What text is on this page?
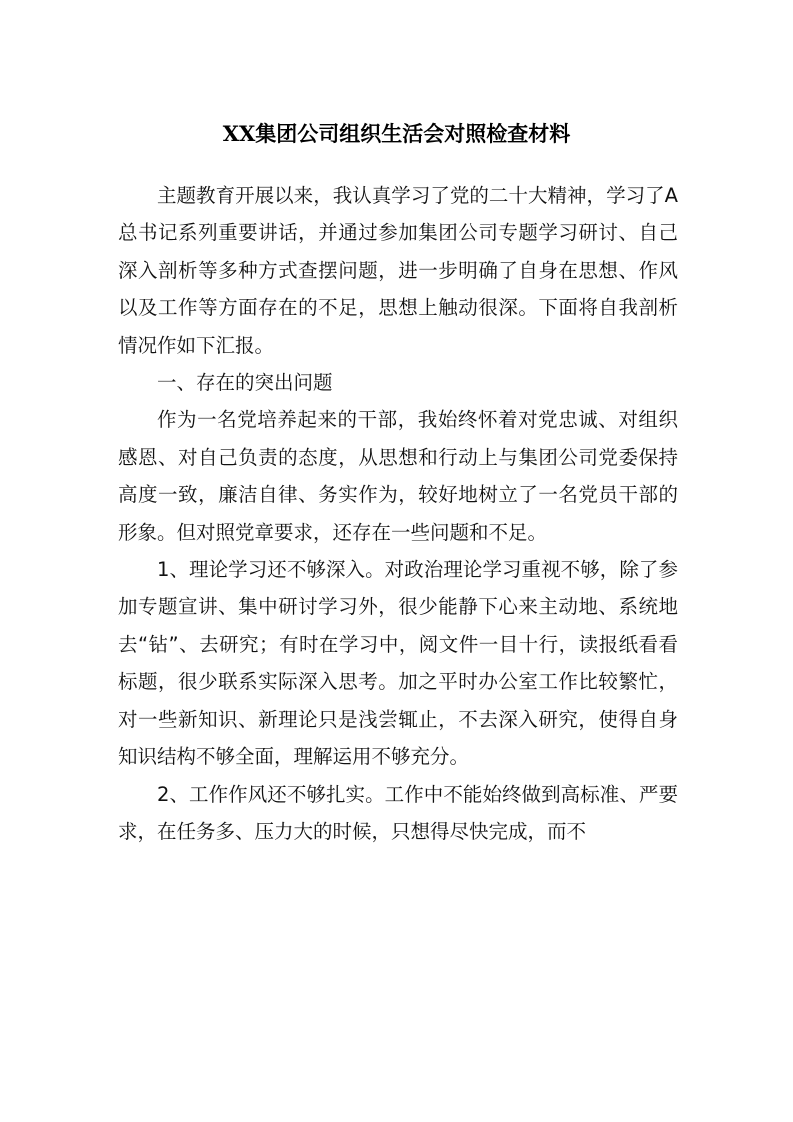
XX集团公司组织生活会对照检查材料

主题教育开展以来，我认真学习了党的二十大精神，学习了A总书记系列重要讲话，并通过参加集团公司专题学习研讨、自己深入剖析等多种方式查摆问题，进一步明确了自身在思想、作风以及工作等方面存在的不足，思想上触动很深。下面将自我剖析情况作如下汇报。

一、存在的突出问题

作为一名党培养起来的干部，我始终怀着对党忠诚、对组织感恩、对自己负责的态度，从思想和行动上与集团公司党委保持高度一致，廉洁自律、务实作为，较好地树立了一名党员干部的形象。但对照党章要求，还存在一些问题和不足。

1、理论学习还不够深入。对政治理论学习重视不够，除了参加专题宣讲、集中研讨学习外，很少能静下心来主动地、系统地去“钻”、去研究；有时在学习中，阅文件一目十行，读报纸看看标题，很少联系实际深入思考。加之平时办公室工作比较繁忙，对一些新知识、新理论只是浅尝辄止，不去深入研究，使得自身知识结构不够全面，理解运用不够充分。

2、工作作风还不够扎实。工作中不能始终做到高标准、严要求，在任务多、压力大的时候，只想得尽快完成，而不
